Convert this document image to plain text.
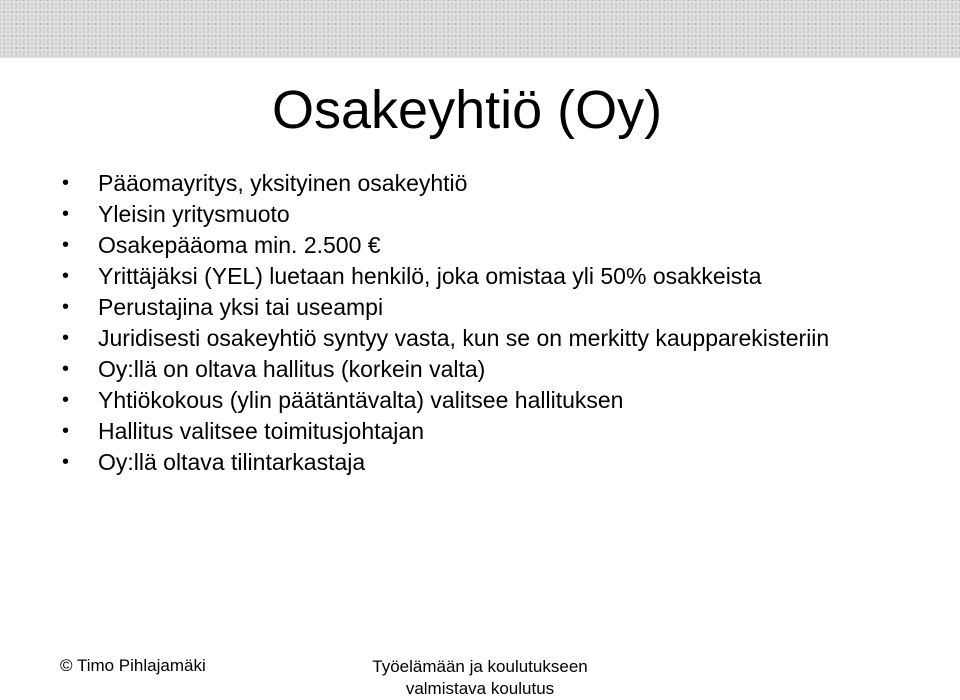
Osakeyhtiö (Oy)
•	Pääomayritys, yksityinen osakeyhtiö
•	Yleisin yritysmuoto
•	Osakepääoma min. 2.500 €
•	Yrittäjäksi (YEL) luetaan henkilö, joka omistaa yli 50% osakkeista
•	Perustajina yksi tai useampi
•	Juridisesti osakeyhtiö syntyy vasta, kun se on merkitty kaupparekisteriin
•	Oy:llä on oltava hallitus (korkein valta)
•	Yhtiökokous (ylin päätäntävalta) valitsee hallituksen
•	Hallitus valitsee toimitusjohtajan
•	Oy:llä oltava tilintarkastaja
© Timo Pihlajamäki	Työelämään ja koulutukseen
valmistava koulutus
